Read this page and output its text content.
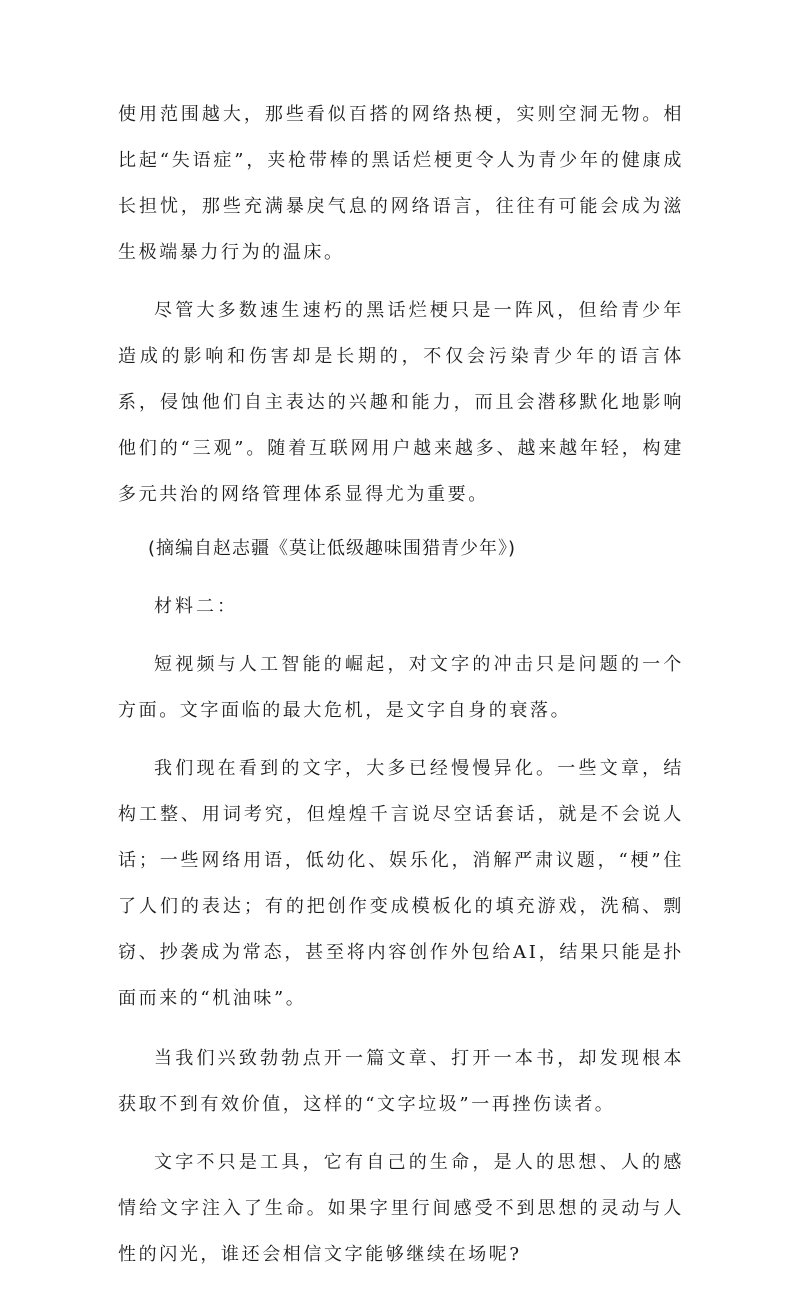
使用范围越大，那些看似百搭的网络热梗，实则空洞无物。相比起“失语症”，夹枪带棒的黑话烂梗更令人为青少年的健康成长担忧，那些充满暴戾气息的网络语言，往往有可能会成为滋生极端暴力行为的温床。

尽管大多数速生速朽的黑话烂梗只是一阵风，但给青少年造成的影响和伤害却是长期的，不仅会污染青少年的语言体系，侵蚀他们自主表达的兴趣和能力，而且会潜移默化地影响他们的“三观”。随着互联网用户越来越多、越来越年轻，构建多元共治的网络管理体系显得尤为重要。

(摘编自赵志疆《莫让低级趣味围猎青少年》)

材料二：

短视频与人工智能的崛起，对文字的冲击只是问题的一个方面。文字面临的最大危机，是文字自身的衰落。

我们现在看到的文字，大多已经慢慢异化。一些文章，结构工整、用词考究，但煌煌千言说尽空话套话，就是不会说人话；一些网络用语，低幼化、娱乐化，消解严肃议题，“梗”住了人们的表达；有的把创作变成模板化的填充游戏，洗稿、剽窃、抄袭成为常态，甚至将内容创作外包给AI，结果只能是扑面而来的“机油味”。

当我们兴致勃勃点开一篇文章、打开一本书，却发现根本获取不到有效价值，这样的“文字垃圾”一再挫伤读者。

文字不只是工具，它有自己的生命，是人的思想、人的感情给文字注入了生命。如果字里行间感受不到思想的灵动与人性的闪光，谁还会相信文字能够继续在场呢?
